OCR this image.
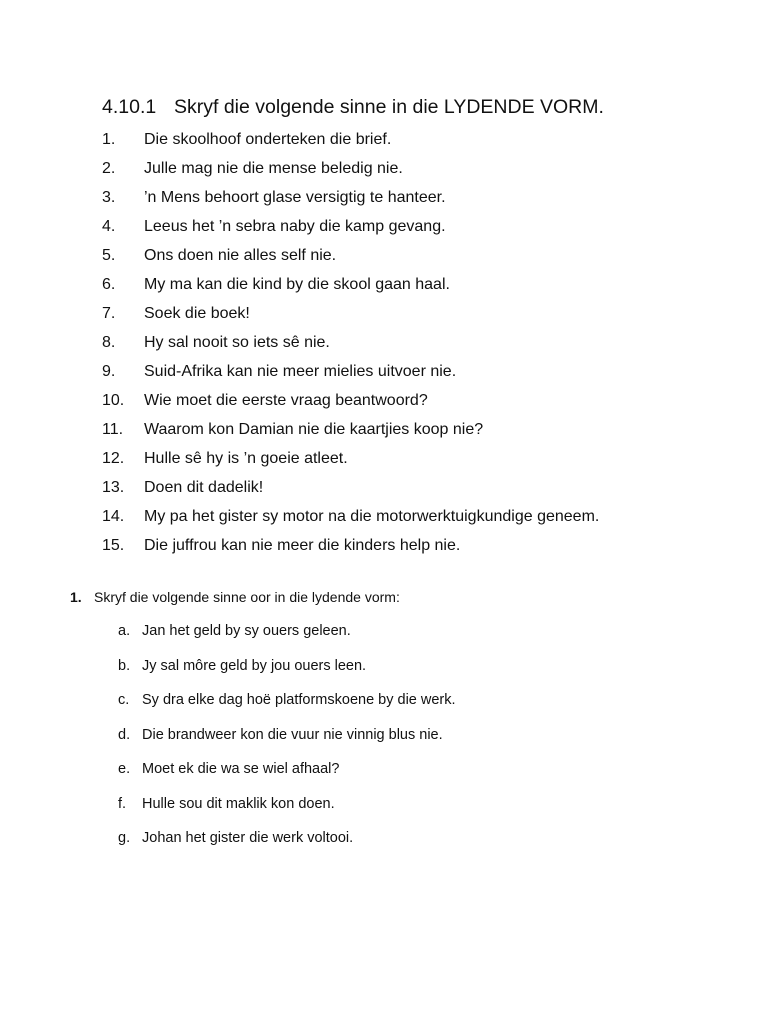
4.10.1 Skryf die volgende sinne in die LYDENDE VORM.
1. Die skoolhoof onderteken die brief.
2. Julle mag nie die mense beledig nie.
3. ’n Mens behoort glase versigtig te hanteer.
4. Leeus het ’n sebra naby die kamp gevang.
5. Ons doen nie alles self nie.
6. My ma kan die kind by die skool gaan haal.
7. Soek die boek!
8. Hy sal nooit so iets sê nie.
9. Suid-Afrika kan nie meer mielies uitvoer nie.
10. Wie moet die eerste vraag beantwoord?
11. Waarom kon Damian nie die kaartjies koop nie?
12. Hulle sê hy is ’n goeie atleet.
13. Doen dit dadelik!
14. My pa het gister sy motor na die motorwerktuigkundige geneem.
15. Die juffrou kan nie meer die kinders help nie.
1. Skryf die volgende sinne oor in die lydende vorm:
a. Jan het geld by sy ouers geleen.
b. Jy sal môre geld by jou ouers leen.
c. Sy dra elke dag hoë platformskoene by die werk.
d. Die brandweer kon die vuur nie vinnig blus nie.
e. Moet ek die wa se wiel afhaal?
f. Hulle sou dit maklik kon doen.
g. Johan het gister die werk voltooi.
